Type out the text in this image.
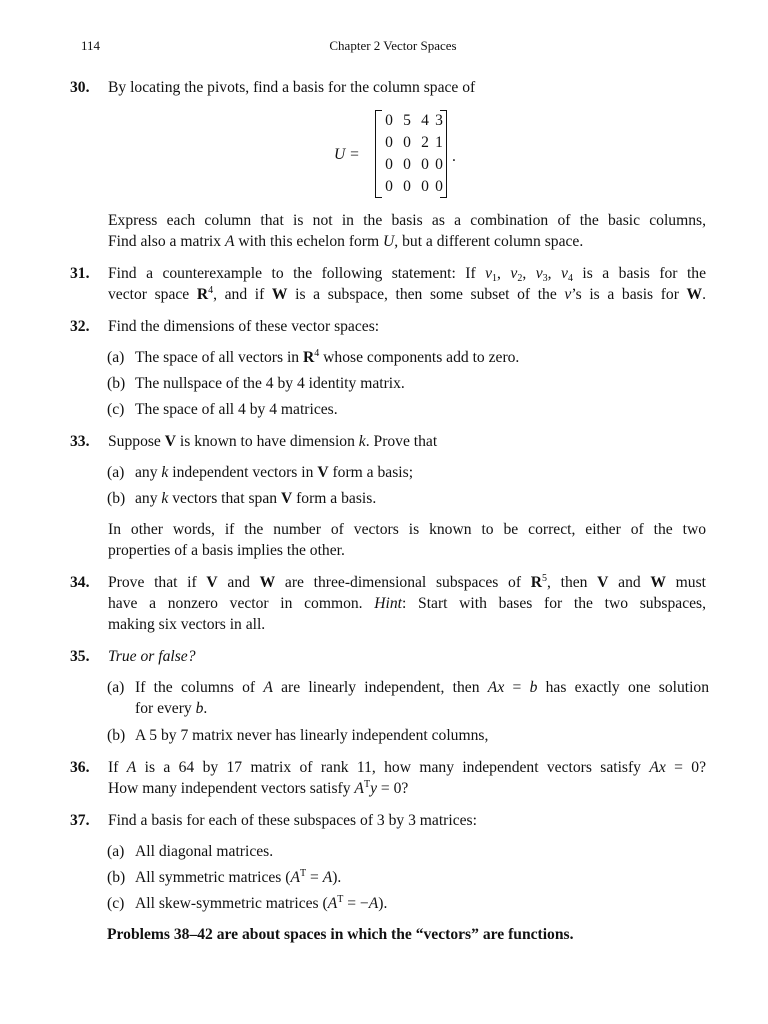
114	Chapter 2 Vector Spaces
30. By locating the pivots, find a basis for the column space of
U =
0 5 4 3
0 0 2 1
0 0 0 0
0 0 0 0
.
Express each column that is not in the basis as a combination of the basic columns,
Find also a matrix A with this echelon form U, but a different column space.
31. Find a counterexample to the following statement: If $v_1$, $v_2$, $v_3$, $v_4$ is a basis for the
vector space $R^4$, and if W is a subspace, then some subset of the v’s is a basis for W.
32. Find the dimensions of these vector spaces:
(a) The space of all vectors in $R^4$ whose components add to zero.
(b) The nullspace of the 4 by 4 identity matrix.
(c) The space of all 4 by 4 matrices.
33. Suppose V is known to have dimension k. Prove that
(a) any k independent vectors in V form a basis;
(b) any k vectors that span V form a basis.
In other words, if the number of vectors is known to be correct, either of the two
properties of a basis implies the other.
34. Prove that if V and W are three-dimensional subspaces of $R^5$, then V and W must
have a nonzero vector in common. Hint: Start with bases for the two subspaces,
making six vectors in all.
35. True or false?
(a) If the columns of A are linearly independent, then Ax = b has exactly one solution
for every b.
(b) A 5 by 7 matrix never has linearly independent columns,
36. If A is a 64 by 17 matrix of rank 11, how many independent vectors satisfy Ax = 0?
How many independent vectors satisfy $A^Ty = 0$?
37. Find a basis for each of these subspaces of 3 by 3 matrices:
(a) All diagonal matrices.
(b) All symmetric matrices $(A^T = A)$.
(c) All skew-symmetric matrices $(A^T = -A)$.
Problems 38–42 are about spaces in which the “vectors” are functions.
